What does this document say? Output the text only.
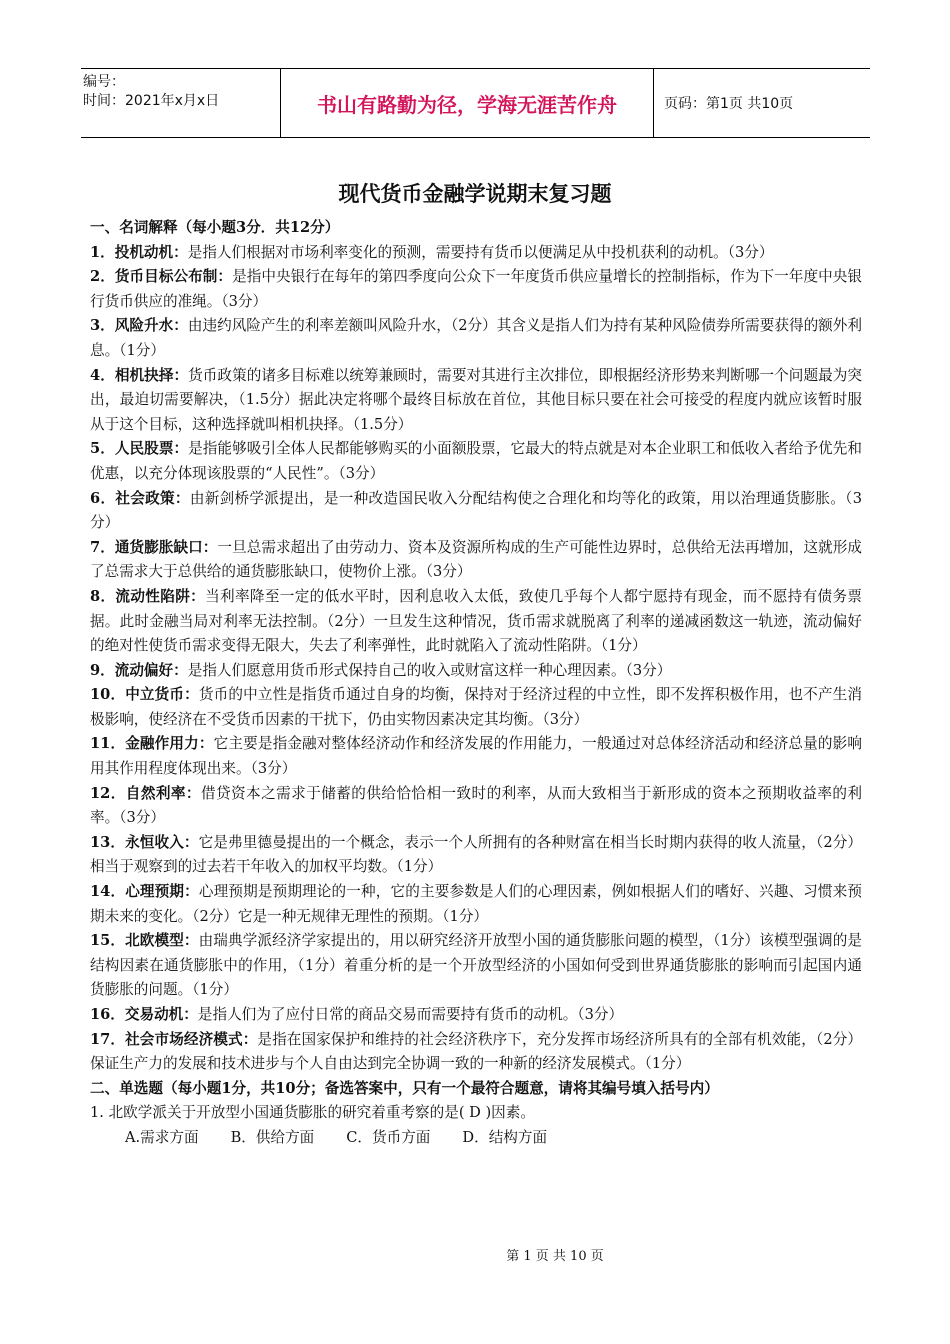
编号：
时间：2021年x月x日	书山有路勤为径，学海无涯苦作舟	页码：第1页 共10页
现代货币金融学说期末复习题

一、名词解释（每小题3分．共12分）

1．投机动机：是指人们根据对市场利率变化的预测，需要持有货币以便满足从中投机获利的动机。（3分）

2．货币目标公布制：是指中央银行在每年的第四季度向公众下一年度货币供应量增长的控制指标，作为下一年度中央银行货币供应的准绳。（3分）

3．风险升水：由违约风险产生的利率差额叫风险升水，（2分）其含义是指人们为持有某种风险债券所需要获得的额外利息。（1分）

4．相机抉择：货币政策的诸多目标难以统筹兼顾时，需要对其进行主次排位，即根据经济形势来判断哪一个问题最为突出，最迫切需要解决，（1.5分）据此决定将哪个最终目标放在首位，其他目标只要在社会可接受的程度内就应该暂时服从于这个目标，这种选择就叫相机抉择。（1.5分）

5．人民股票：是指能够吸引全体人民都能够购买的小面额股票，它最大的特点就是对本企业职工和低收入者给予优先和优惠，以充分体现该股票的“人民性”。（3分）

6．社会政策：由新剑桥学派提出，是一种改造国民收入分配结构使之合理化和均等化的政策，用以治理通货膨胀。（3分）

7．通货膨胀缺口：一旦总需求超出了由劳动力、资本及资源所构成的生产可能性边界时，总供给无法再增加，这就形成了总需求大于总供给的通货膨胀缺口，使物价上涨。（3分）

8．流动性陷阱：当利率降至一定的低水平时，因利息收入太低，致使几乎每个人都宁愿持有现金，而不愿持有债务票据。此时金融当局对利率无法控制。（2分）一旦发生这种情况，货币需求就脱离了利率的递减函数这一轨迹，流动偏好的绝对性使货币需求变得无限大，失去了利率弹性，此时就陷入了流动性陷阱。（1分）

9．流动偏好：是指人们愿意用货币形式保持自己的收入或财富这样一种心理因素。（3分）

10．中立货币：货币的中立性是指货币通过自身的均衡，保持对于经济过程的中立性，即不发挥积极作用，也不产生消极影响，使经济在不受货币因素的干扰下，仍由实物因素决定其均衡。（3分）

11．金融作用力：它主要是指金融对整体经济动作和经济发展的作用能力，一般通过对总体经济活动和经济总量的影响用其作用程度体现出来。（3分）

12．自然利率：借贷资本之需求于储蓄的供给恰恰相一致时的利率，从而大致相当于新形成的资本之预期收益率的利率。（3分）

13．永恒收入：它是弗里德曼提出的一个概念，表示一个人所拥有的各种财富在相当长时期内获得的收人流量，（2分）相当于观察到的过去若干年收入的加权平均数。（1分）

14．心理预期：心理预期是预期理论的一种，它的主要参数是人们的心理因素，例如根据人们的嗜好、兴趣、习惯来预期未来的变化。（2分）它是一种无规律无理性的预期。（1分）

15．北欧模型：由瑞典学派经济学家提出的，用以研究经济开放型小国的通货膨胀问题的模型，（1分）该模型强调的是结构因素在通货膨胀中的作用，（1分）着重分析的是一个开放型经济的小国如何受到世界通货膨胀的影响而引起国内通货膨胀的问题。（1分）

16．交易动机：是指人们为了应付日常的商品交易而需要持有货币的动机。（3分）

17．社会市场经济模式：是指在国家保护和维持的社会经济秩序下，充分发挥市场经济所具有的全部有机效能，（2分）保证生产力的发展和技术进步与个人自由达到完全协调一致的一种新的经济发展模式。（1分）

二、单选题（每小题1分，共10分；备选答案中，只有一个最符合题意，请将其编号填入括号内）

1. 北欧学派关于开放型小国通货膨胀的研究着重考察的是( D )因素。

A.需求方面 B．供给方面 C．货币方面 D．结构方面
第 1 页 共 10 页
